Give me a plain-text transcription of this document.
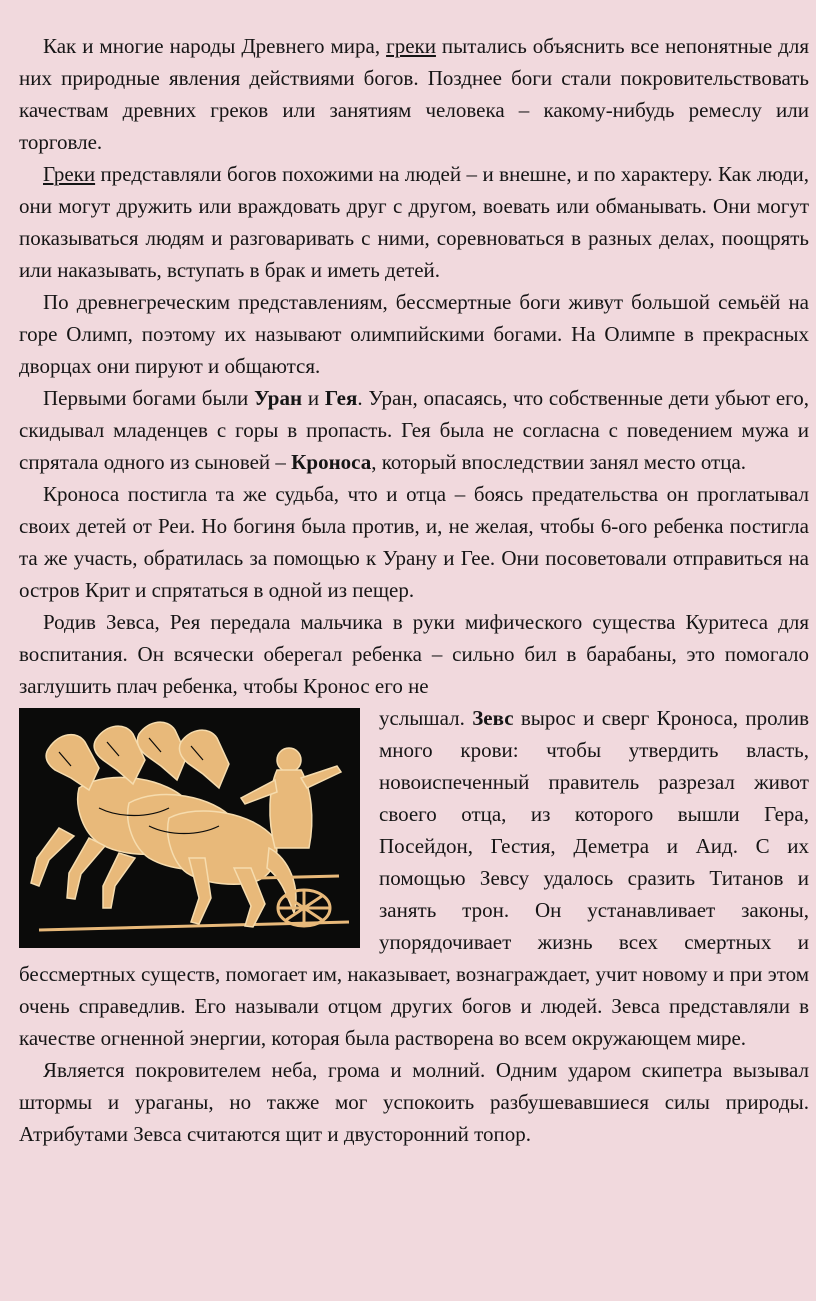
Как и многие народы Древнего мира, греки пытались объяснить все непонятные для них природные явления действиями богов. Позднее боги стали покровительствовать качествам древних греков или занятиям человека – какому-нибудь ремеслу или торговле.

Греки представляли богов похожими на людей – и внешне, и по характеру. Как люди, они могут дружить или враждовать друг с другом, воевать или обманывать. Они могут показываться людям и разговаривать с ними, соревноваться в разных делах, поощрять или наказывать, вступать в брак и иметь детей.

По древнегреческим представлениям, бессмертные боги живут большой семьёй на горе Олимп, поэтому их называют олимпийскими богами. На Олимпе в прекрасных дворцах они пируют и общаются.

Первыми богами были Уран и Гея. Уран, опасаясь, что собственные дети убьют его, скидывал младенцев с горы в пропасть. Гея была не согласна с поведением мужа и спрятала одного из сыновей – Кроноса, который впоследствии занял место отца.

Кроноса постигла та же судьба, что и отца – боясь предательства он проглатывал своих детей от Реи. Но богиня была против, и, не желая, чтобы 6-ого ребенка постигла та же участь, обратилась за помощью к Урану и Гее. Они посоветовали отправиться на остров Крит и спрятаться в одной из пещер.

Родив Зевса, Рея передала мальчика в руки мифического существа Куритеса для воспитания. Он всячески оберегал ребенка – сильно бил в барабаны, это помогало заглушить плач ребенка, чтобы Кронос его не

услышал. Зевс вырос и сверг Кроноса, пролив много крови: чтобы утвердить власть, новоиспеченный правитель разрезал живот своего отца, из которого вышли Гера, Посейдон, Гестия, Деметра и Аид. С их помощью Зевсу удалось сразить Титанов и занять трон. Он устанавливает законы, упорядочивает жизнь всех смертных и бессмертных существ, помогает им, наказывает, вознаграждает, учит новому и при этом очень справедлив. Его называли отцом других богов и людей. Зевса представляли в качестве огненной энергии, которая была растворена во всем окружающем мире.

Является покровителем неба, грома и молний. Одним ударом скипетра вызывал штормы и ураганы, но также мог успокоить разбушевавшиеся силы природы. Атрибутами Зевса считаются щит и двусторонний топор.
